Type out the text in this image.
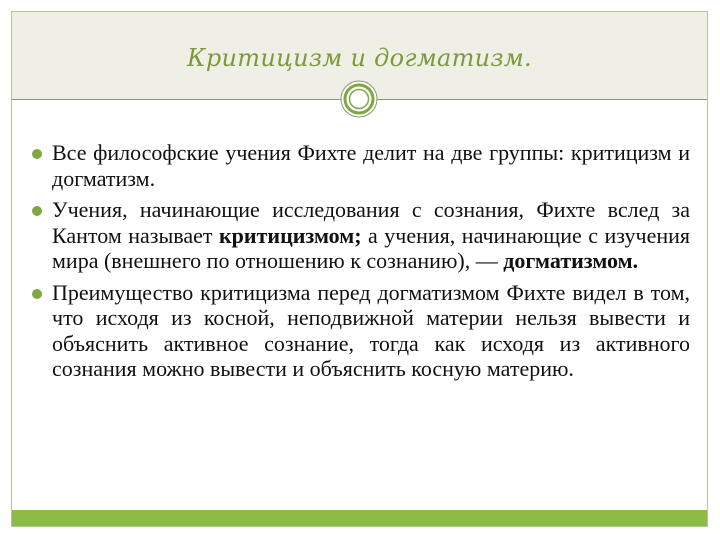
Критицизм и догматизм.
Все философские учения Фихте делит на две группы: критицизм и догматизм.
Учения, начинающие исследования с сознания, Фихте вслед за Кантом называет критицизмом; а учения, начинающие с изучения мира (внешнего по отношению к сознанию), — догматизмом.
Преимущество критицизма перед догматизмом Фихте видел в том, что исходя из косной, неподвижной материи нельзя вывести и объяснить активное сознание, тогда как исходя из активного сознания можно вывести и объяснить косную материю.
